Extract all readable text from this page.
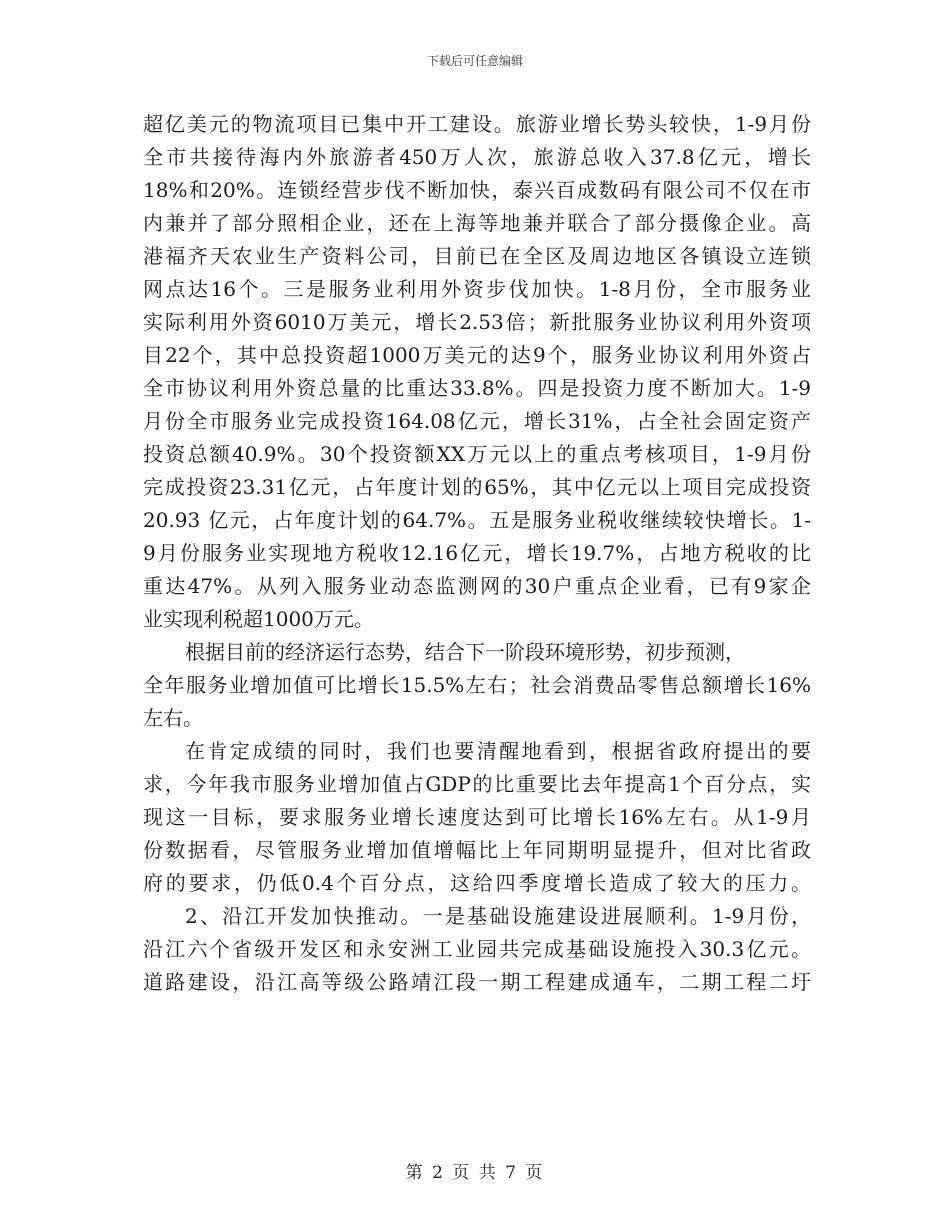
下载后可任意编辑
超亿美元的物流项目已集中开工建设。旅游业增长势头较快，1-9月份
全市共接待海内外旅游者450万人次，旅游总收入37.8亿元，增长
18%和20%。连锁经营步伐不断加快，泰兴百成数码有限公司不仅在市
内兼并了部分照相企业，还在上海等地兼并联合了部分摄像企业。高
港福齐天农业生产资料公司，目前已在全区及周边地区各镇设立连锁
网点达16个。三是服务业利用外资步伐加快。1-8月份，全市服务业
实际利用外资6010万美元，增长2.53倍；新批服务业协议利用外资项
目22个，其中总投资超1000万美元的达9个，服务业协议利用外资占
全市协议利用外资总量的比重达33.8%。四是投资力度不断加大。1-9
月份全市服务业完成投资164.08亿元，增长31%，占全社会固定资产
投资总额40.9%。30个投资额XX万元以上的重点考核项目，1-9月份
完成投资23.31亿元，占年度计划的65%，其中亿元以上项目完成投资
20.93 亿元，占年度计划的64.7%。五是服务业税收继续较快增长。1-
9月份服务业实现地方税收12.16亿元，增长19.7%，占地方税收的比
重达47%。从列入服务业动态监测网的30户重点企业看，已有9家企
业实现利税超1000万元。
根据目前的经济运行态势，结合下一阶段环境形势，初步预测，
全年服务业增加值可比增长15.5%左右；社会消费品零售总额增长16%
左右。
在肯定成绩的同时，我们也要清醒地看到，根据省政府提出的要
求，今年我市服务业增加值占GDP的比重要比去年提高1个百分点，实
现这一目标，要求服务业增长速度达到可比增长16%左右。从1-9月
份数据看，尽管服务业增加值增幅比上年同期明显提升，但对比省政
府的要求，仍低0.4个百分点，这给四季度增长造成了较大的压力。
2、沿江开发加快推动。一是基础设施建设进展顺利。1-9月份，
沿江六个省级开发区和永安洲工业园共完成基础设施投入30.3亿元。
道路建设，沿江高等级公路靖江段一期工程建成通车，二期工程二圩
第 2 页 共 7 页
